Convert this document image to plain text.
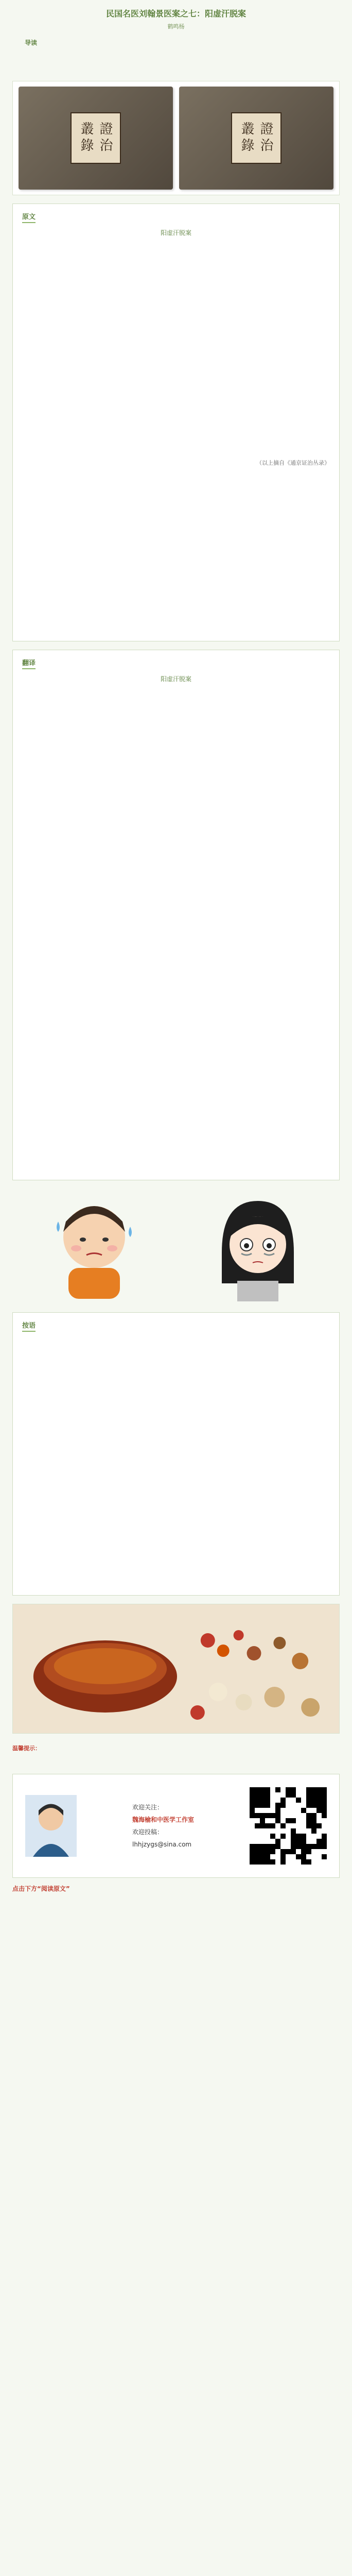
民国名医刘翰景医案之七：阳虚汗脱案
鹤鸣杨
导读
證治叢錄	證治叢錄
原文
阳虚汗脱案

（以上摘自《通京证治丛录》
翻译
阳虚汗脱案

按语

温馨提示：
欢迎关注：
魏海榆和中医学工作室
欢迎投稿：
lhhjzygs@sina.com
点击下方“阅读原文”
